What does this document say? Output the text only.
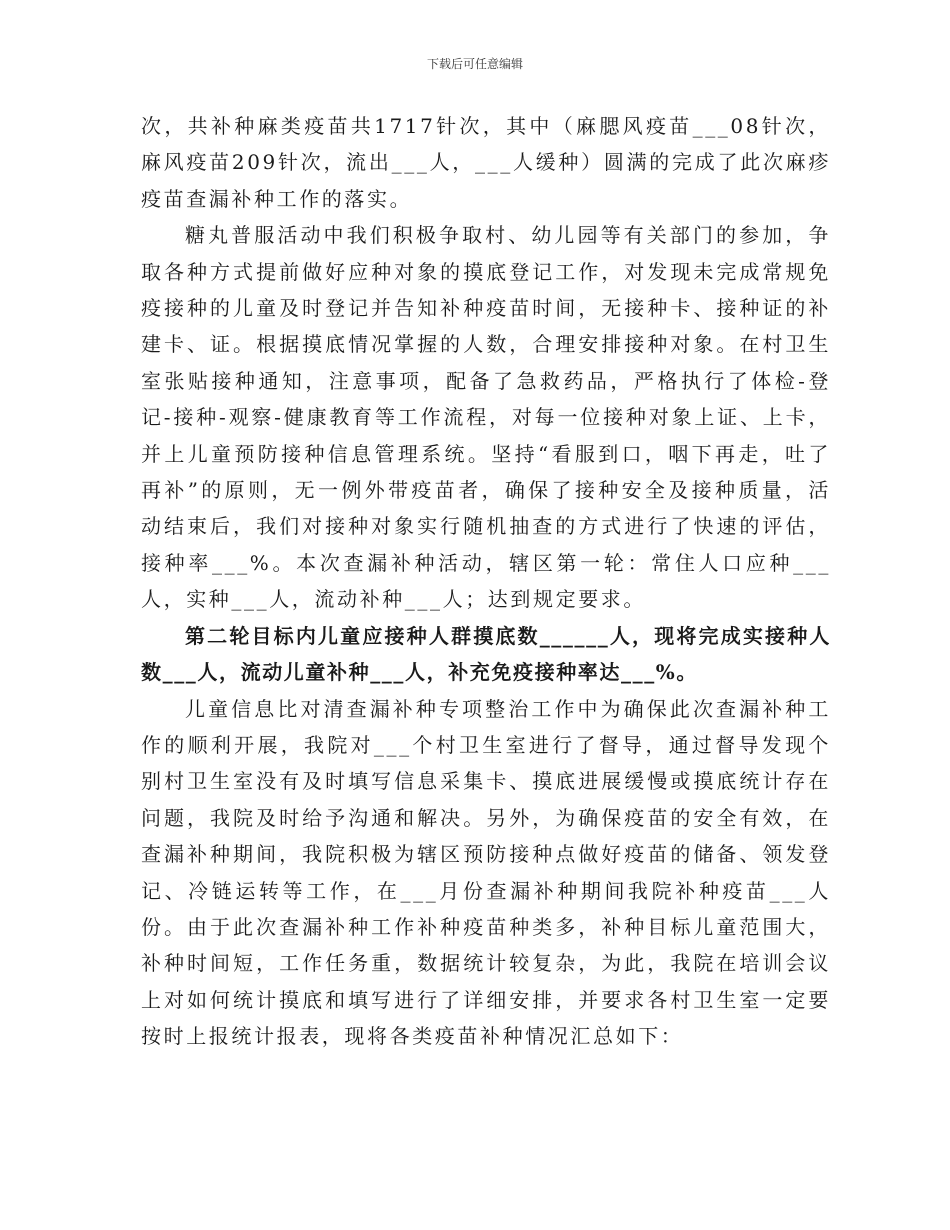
下载后可任意编辑

次，共补种麻类疫苗共1717针次，其中（麻腮风疫苗___08针次，麻风疫苗209针次，流出___人，___人缓种）圆满的完成了此次麻疹疫苗查漏补种工作的落实。

糖丸普服活动中我们积极争取村、幼儿园等有关部门的参加，争取各种方式提前做好应种对象的摸底登记工作，对发现未完成常规免疫接种的儿童及时登记并告知补种疫苗时间，无接种卡、接种证的补建卡、证。根据摸底情况掌握的人数，合理安排接种对象。在村卫生室张贴接种通知，注意事项，配备了急救药品，严格执行了体检-登记-接种-观察-健康教育等工作流程，对每一位接种对象上证、上卡，并上儿童预防接种信息管理系统。坚持“看服到口，咽下再走，吐了再补”的原则，无一例外带疫苗者，确保了接种安全及接种质量，活动结束后，我们对接种对象实行随机抽查的方式进行了快速的评估，接种率___%。本次查漏补种活动，辖区第一轮：常住人口应种___人，实种___人，流动补种___人；达到规定要求。

第二轮目标内儿童应接种人群摸底数______人，现将完成实接种人数___人，流动儿童补种___人，补充免疫接种率达___%。

儿童信息比对清查漏补种专项整治工作中为确保此次查漏补种工作的顺利开展，我院对___个村卫生室进行了督导，通过督导发现个别村卫生室没有及时填写信息采集卡、摸底进展缓慢或摸底统计存在问题，我院及时给予沟通和解决。另外，为确保疫苗的安全有效，在查漏补种期间，我院积极为辖区预防接种点做好疫苗的储备、领发登记、冷链运转等工作，在___月份查漏补种期间我院补种疫苗___人份。由于此次查漏补种工作补种疫苗种类多，补种目标儿童范围大，补种时间短，工作任务重，数据统计较复杂，为此，我院在培训会议上对如何统计摸底和填写进行了详细安排，并要求各村卫生室一定要按时上报统计报表，现将各类疫苗补种情况汇总如下：
